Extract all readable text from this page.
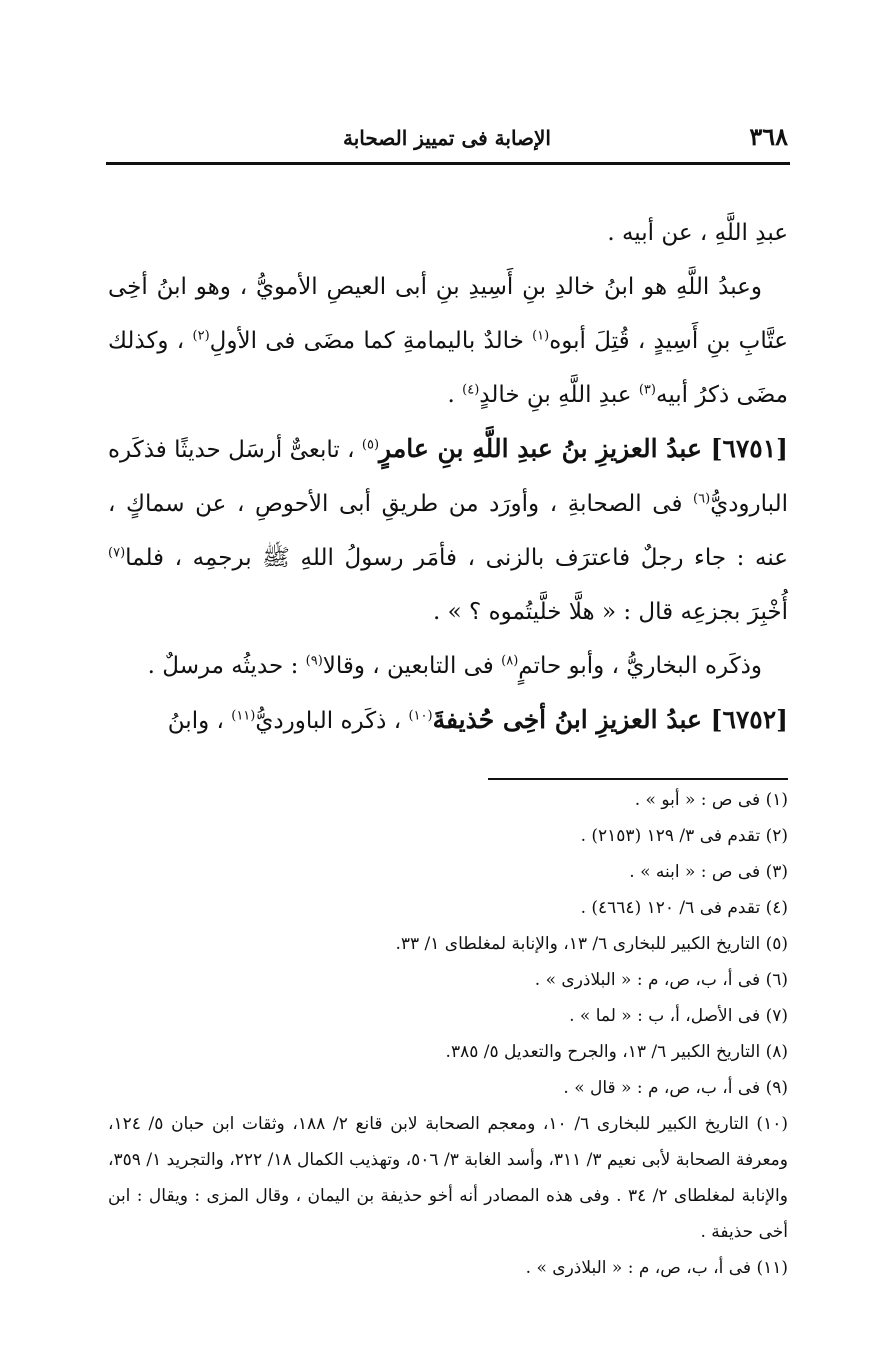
٣٦٨
الإصابة فى تمييز الصحابة

عبدِ اللَّهِ ، عن أبيه .

وعبدُ اللَّهِ هو ابنُ خالدِ بنِ أَسِيدِ بنِ أبى العيصِ الأمويُّ ، وهو ابنُ أخِى عتَّابِ بنِ أَسِيدٍ ، قُتِلَ أبوه$^{(١)}$ خالدٌ باليمامةِ كما مضَى فى الأولِ$^{(٢)}$ ، وكذلك مضَى ذكرُ أبيه$^{(٣)}$ عبدِ اللَّهِ بنِ خالدٍ$^{(٤)}$ .

[٦٧٥١] عبدُ العزيزِ بنُ عبدِ اللَّهِ بنِ عامرٍ$^{(٥)}$ ، تابعىٌّ أرسَل حديثًا فذكَره الباروديُّ$^{(٦)}$ فى الصحابةِ ، وأورَد من طريقِ أبى الأحوصِ ، عن سماكٍ ، عنه : جاء رجلٌ فاعترَف بالزنى ، فأمَر رسولُ اللهِ ﷺ برجمِه ، فلما$^{(٧)}$ أُخْبِرَ بجزعِه قال : « هلَّا خلَّيتُموه ؟ » .

وذكَره البخاريُّ ، وأبو حاتمٍ$^{(٨)}$ فى التابعين ، وقالا$^{(٩)}$ : حديثُه مرسلٌ .

[٦٧٥٢] عبدُ العزيزِ ابنُ أخِى حُذيفةَ$^{(١٠)}$ ، ذكَره الباورديُّ$^{(١١)}$ ، وابنُ

(١) فى ص : « أبو » .

(٢) تقدم فى ٣/ ١٢٩ (٢١٥٣) .

(٣) فى ص : « ابنه » .

(٤) تقدم فى ٦/ ١٢٠ (٤٦٦٤) .

(٥) التاريخ الكبير للبخارى ٦/ ١٣، والإنابة لمغلطاى ١/ ٣٣.

(٦) فى أ، ب، ص، م : « البلاذرى » .

(٧) فى الأصل، أ، ب : « لما » .

(٨) التاريخ الكبير ٦/ ١٣، والجرح والتعديل ٥/ ٣٨٥.

(٩) فى أ، ب، ص، م : « قال » .

(١٠) التاريخ الكبير للبخارى ٦/ ١٠، ومعجم الصحابة لابن قانع ٢/ ١٨٨، وثقات ابن حبان ٥/ ١٢٤، ومعرفة الصحابة لأبى نعيم ٣/ ٣١١، وأسد الغابة ٣/ ٥٠٦، وتهذيب الكمال ١٨/ ٢٢٢، والتجريد ١/ ٣٥٩، والإنابة لمغلطاى ٢/ ٣٤ . وفى هذه المصادر أنه أخو حذيفة بن اليمان ، وقال المزى : ويقال : ابن أخى حذيفة .

(١١) فى أ، ب، ص، م : « البلاذرى » .
